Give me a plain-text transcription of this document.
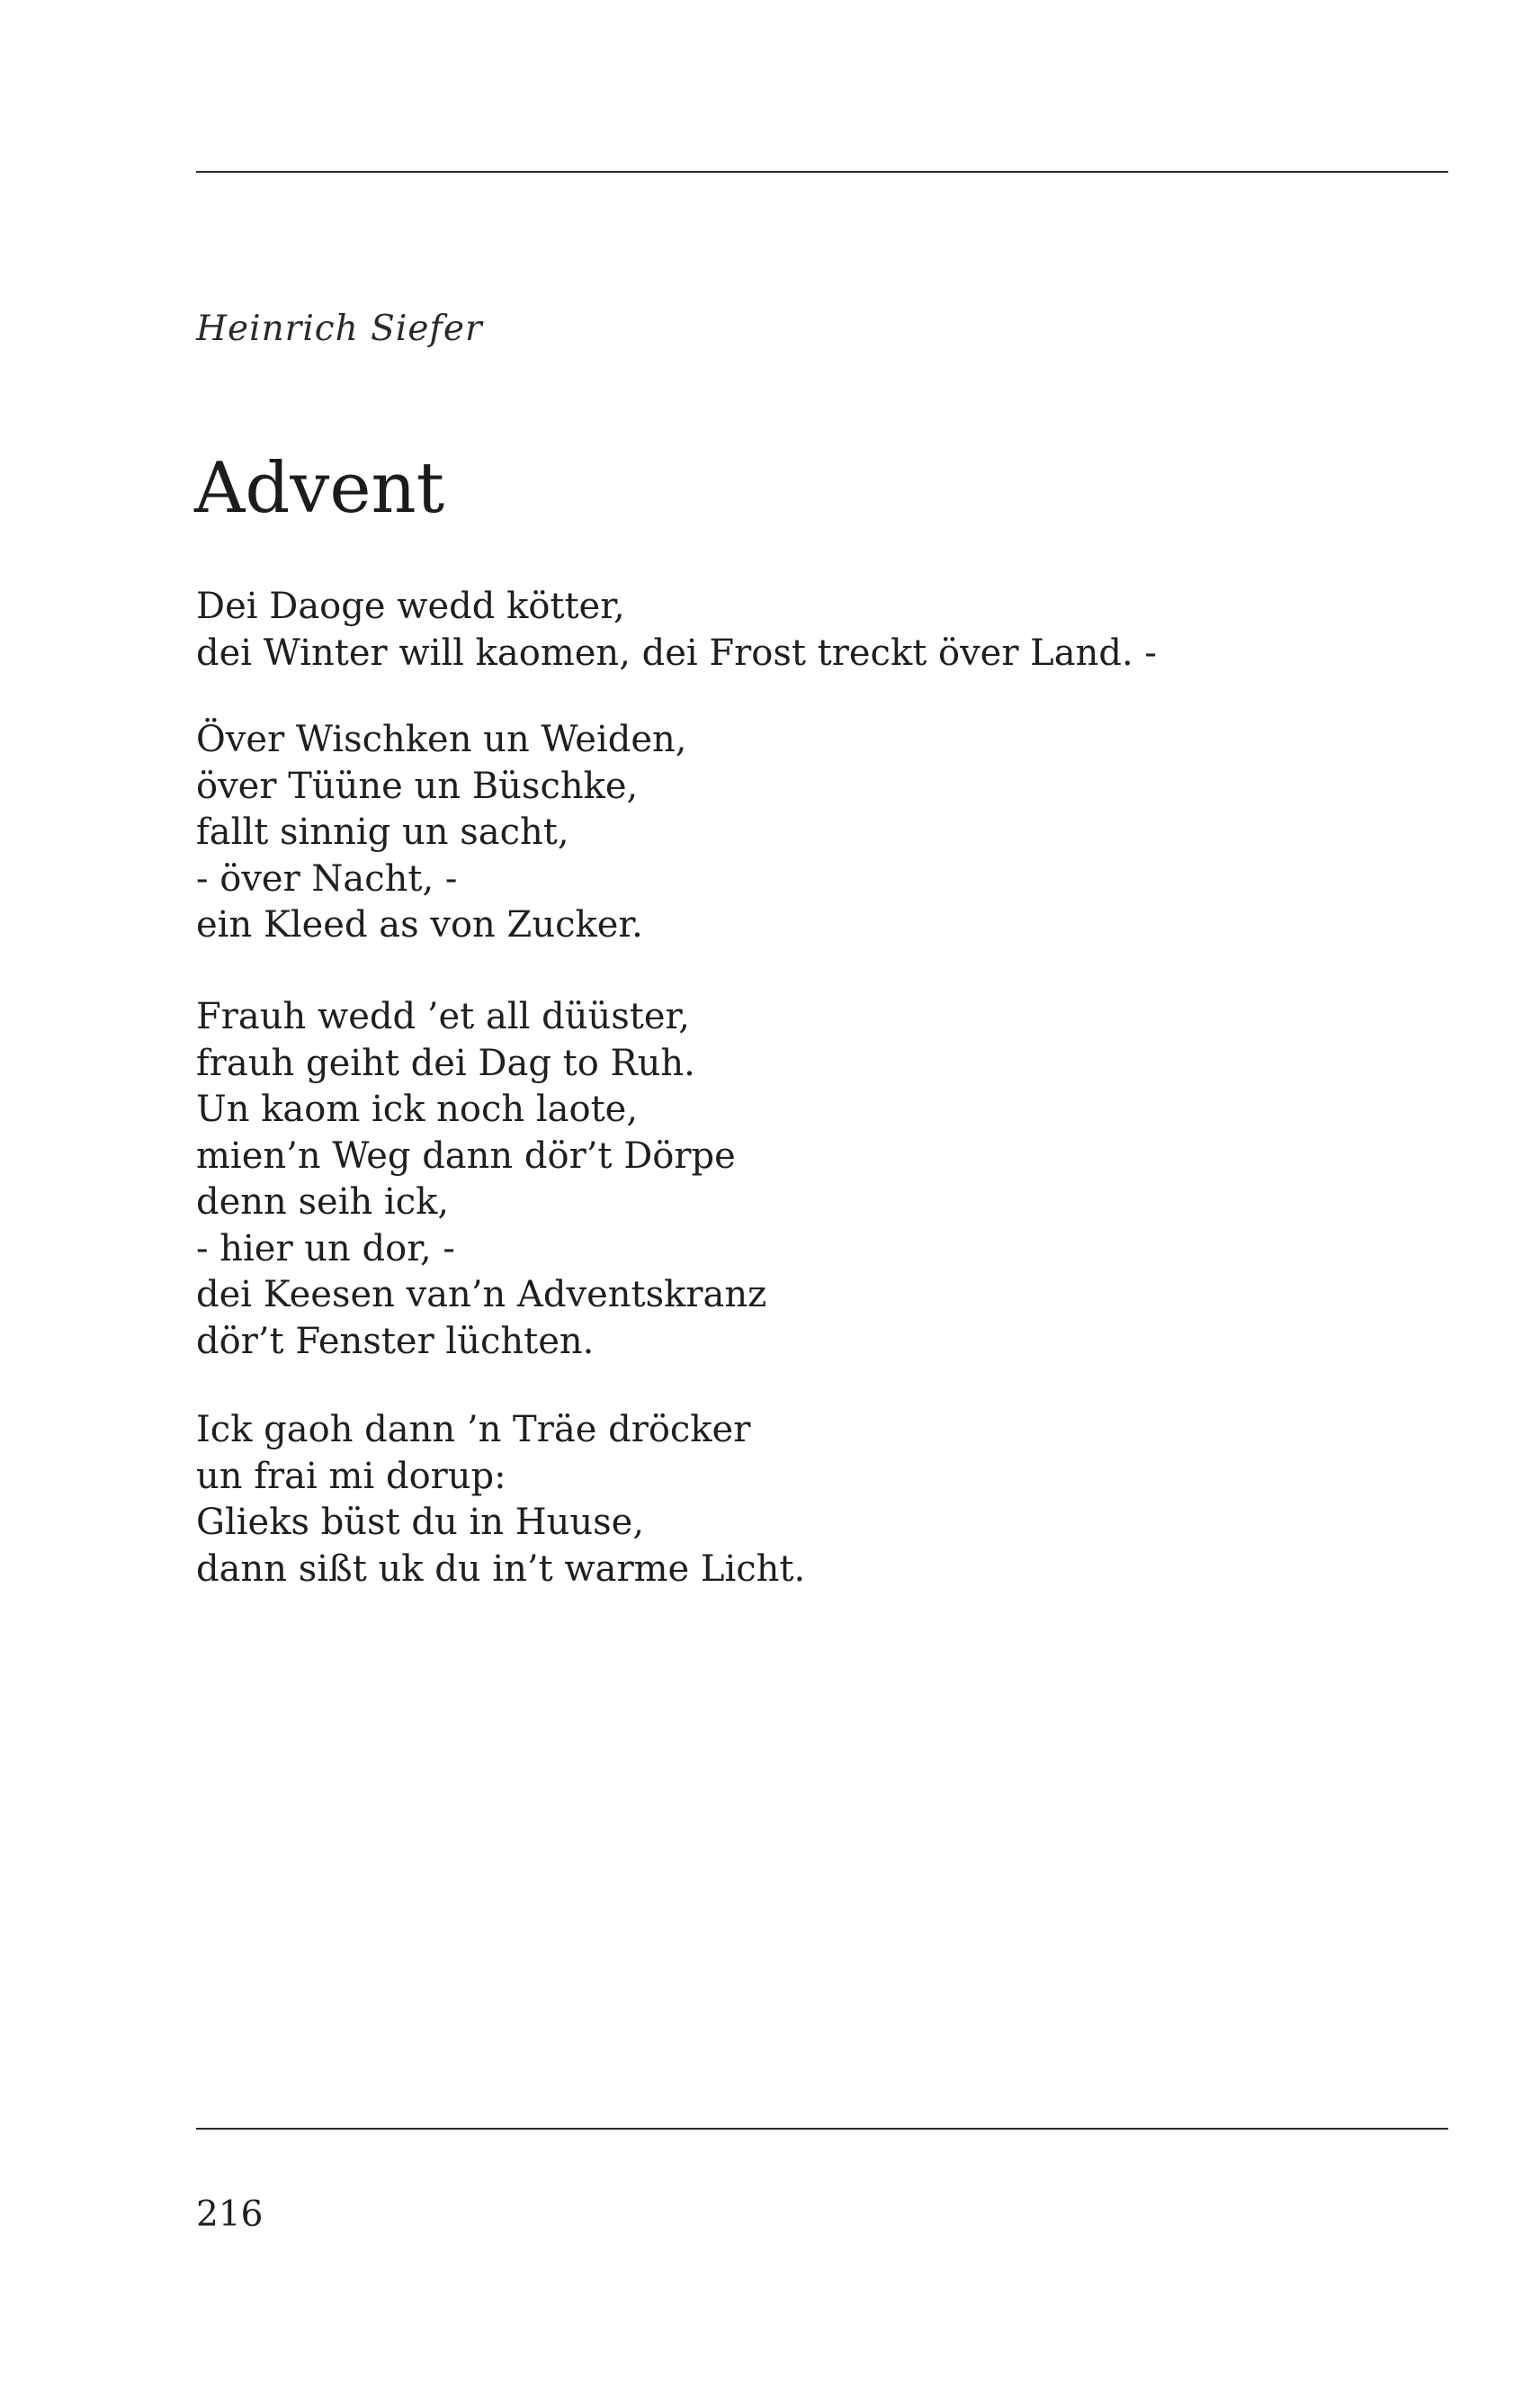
Heinrich Siefer

Advent

Dei Daoge wedd kötter,
dei Winter will kaomen, dei Frost treckt över Land. -

Över Wischken un Weiden,
över Tüüne un Büschke,
fallt sinnig un sacht,
- över Nacht, -
ein Kleed as von Zucker.

Frauh wedd ’et all düüster,
frauh geiht dei Dag to Ruh.
Un kaom ick noch laote,
mien’n Weg dann dör’t Dörpe
denn seih ick,
- hier un dor, -
dei Keesen van’n Adventskranz
dör’t Fenster lüchten.

Ick gaoh dann ’n Träe dröcker
un frai mi dorup:
Glieks büst du in Huuse,
dann sißt uk du in’t warme Licht.

216
